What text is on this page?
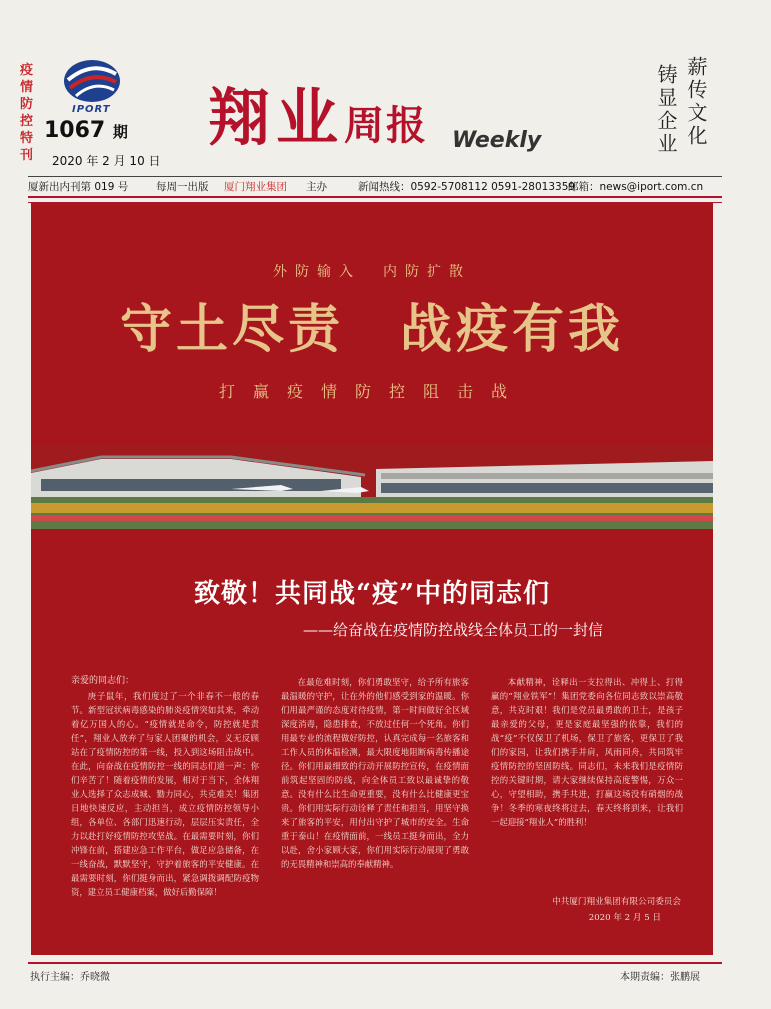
疫情防控特刊
IPORT
1067 期
2020 年 2 月 10 日
翔业周报 Weekly	薪传文化
铸显企业
厦新出内刊第 019 号	每周一出版 厦门翔业集团 主办	新闻热线：0592-5708112 0591-28013359
邮箱：news@iport.com.cn
外防输入　内防扩散
守土尽责　战疫有我
打赢疫情防控阻击战
致敬！共同战“疫”中的同志们
——给奋战在疫情防控战线全体员工的一封信
亲爱的同志们：

庚子鼠年，我们度过了一个非春不一般的春节。新型冠状病毒感染的肺炎疫情突如其来，牵动着亿万国人的心。“疫情就是命令，防控就是责任”，翔业人放弃了与家人团聚的机会，义无反顾站在了疫情防控的第一线，投入到这场阻击战中。在此，向奋战在疫情防控一线的同志们道一声：你们辛苦了！随着疫情的发展，相对于当下，全体翔业人选择了众志成城、勠力同心，共克难关！集团日地快速反应，主动担当，成立疫情防控领导小组，各单位、各部门迅速行动，层层压实责任，全力以赴打好疫情防控攻坚战。在最需要时刻，你们冲锋在前，搭建应急工作平台，做足应急储备，在一线奋战，默默坚守，守护着旅客的平安健康。在最需要时刻，你们挺身而出，紧急调拨调配防疫物资，建立员工健康档案，做好后勤保障！

在最危难时刻，你们勇敢坚守，给予所有旅客最温暖的守护，让在外的他们感受到家的温暖。你们用最严谨的态度对待疫情，第一时间做好全区域深度消毒，隐患排查，不放过任何一个死角。你们用最专业的流程做好防控，认真完成每一名旅客和工作人员的体温检测，最大限度地阻断病毒传播途径。你们用最细致的行动开展防控宣传，在疫情面前筑起坚固的防线，向全体员工致以最诚挚的敬意。没有什么比生命更重要，没有什么比健康更宝贵。你们用实际行动诠释了责任和担当，用坚守换来了旅客的平安，用付出守护了城市的安全。生命重于泰山！在疫情面前，一线员工挺身而出，全力以赴，舍小家顾大家，你们用实际行动展现了勇敢的无畏精神和崇高的奉献精神。

本献精神，诠释出一支拉得出、冲得上、打得赢的“翔业铁军”！集团党委向各位同志致以崇高敬意，共克时艰！我们是党员最勇敢的卫士，是孩子最亲爱的父母，更是家庭最坚强的依靠，我们的战“疫”不仅保卫了机场，保卫了旅客，更保卫了我们的家园，让我们携手并肩，风雨同舟，共同筑牢疫情防控的坚固防线。同志们，未来我们是疫情防控的关键时期，请大家继续保持高度警惕，万众一心，守望相助，携手共进，打赢这场没有硝烟的战争！冬季的寒夜终将过去，春天终将到来，让我们一起迎接“翔业人”的胜利！

中共厦门翔业集团有限公司委员会
2020 年 2 月 5 日
执行主编：乔晓微	本期责编：张鹏展
